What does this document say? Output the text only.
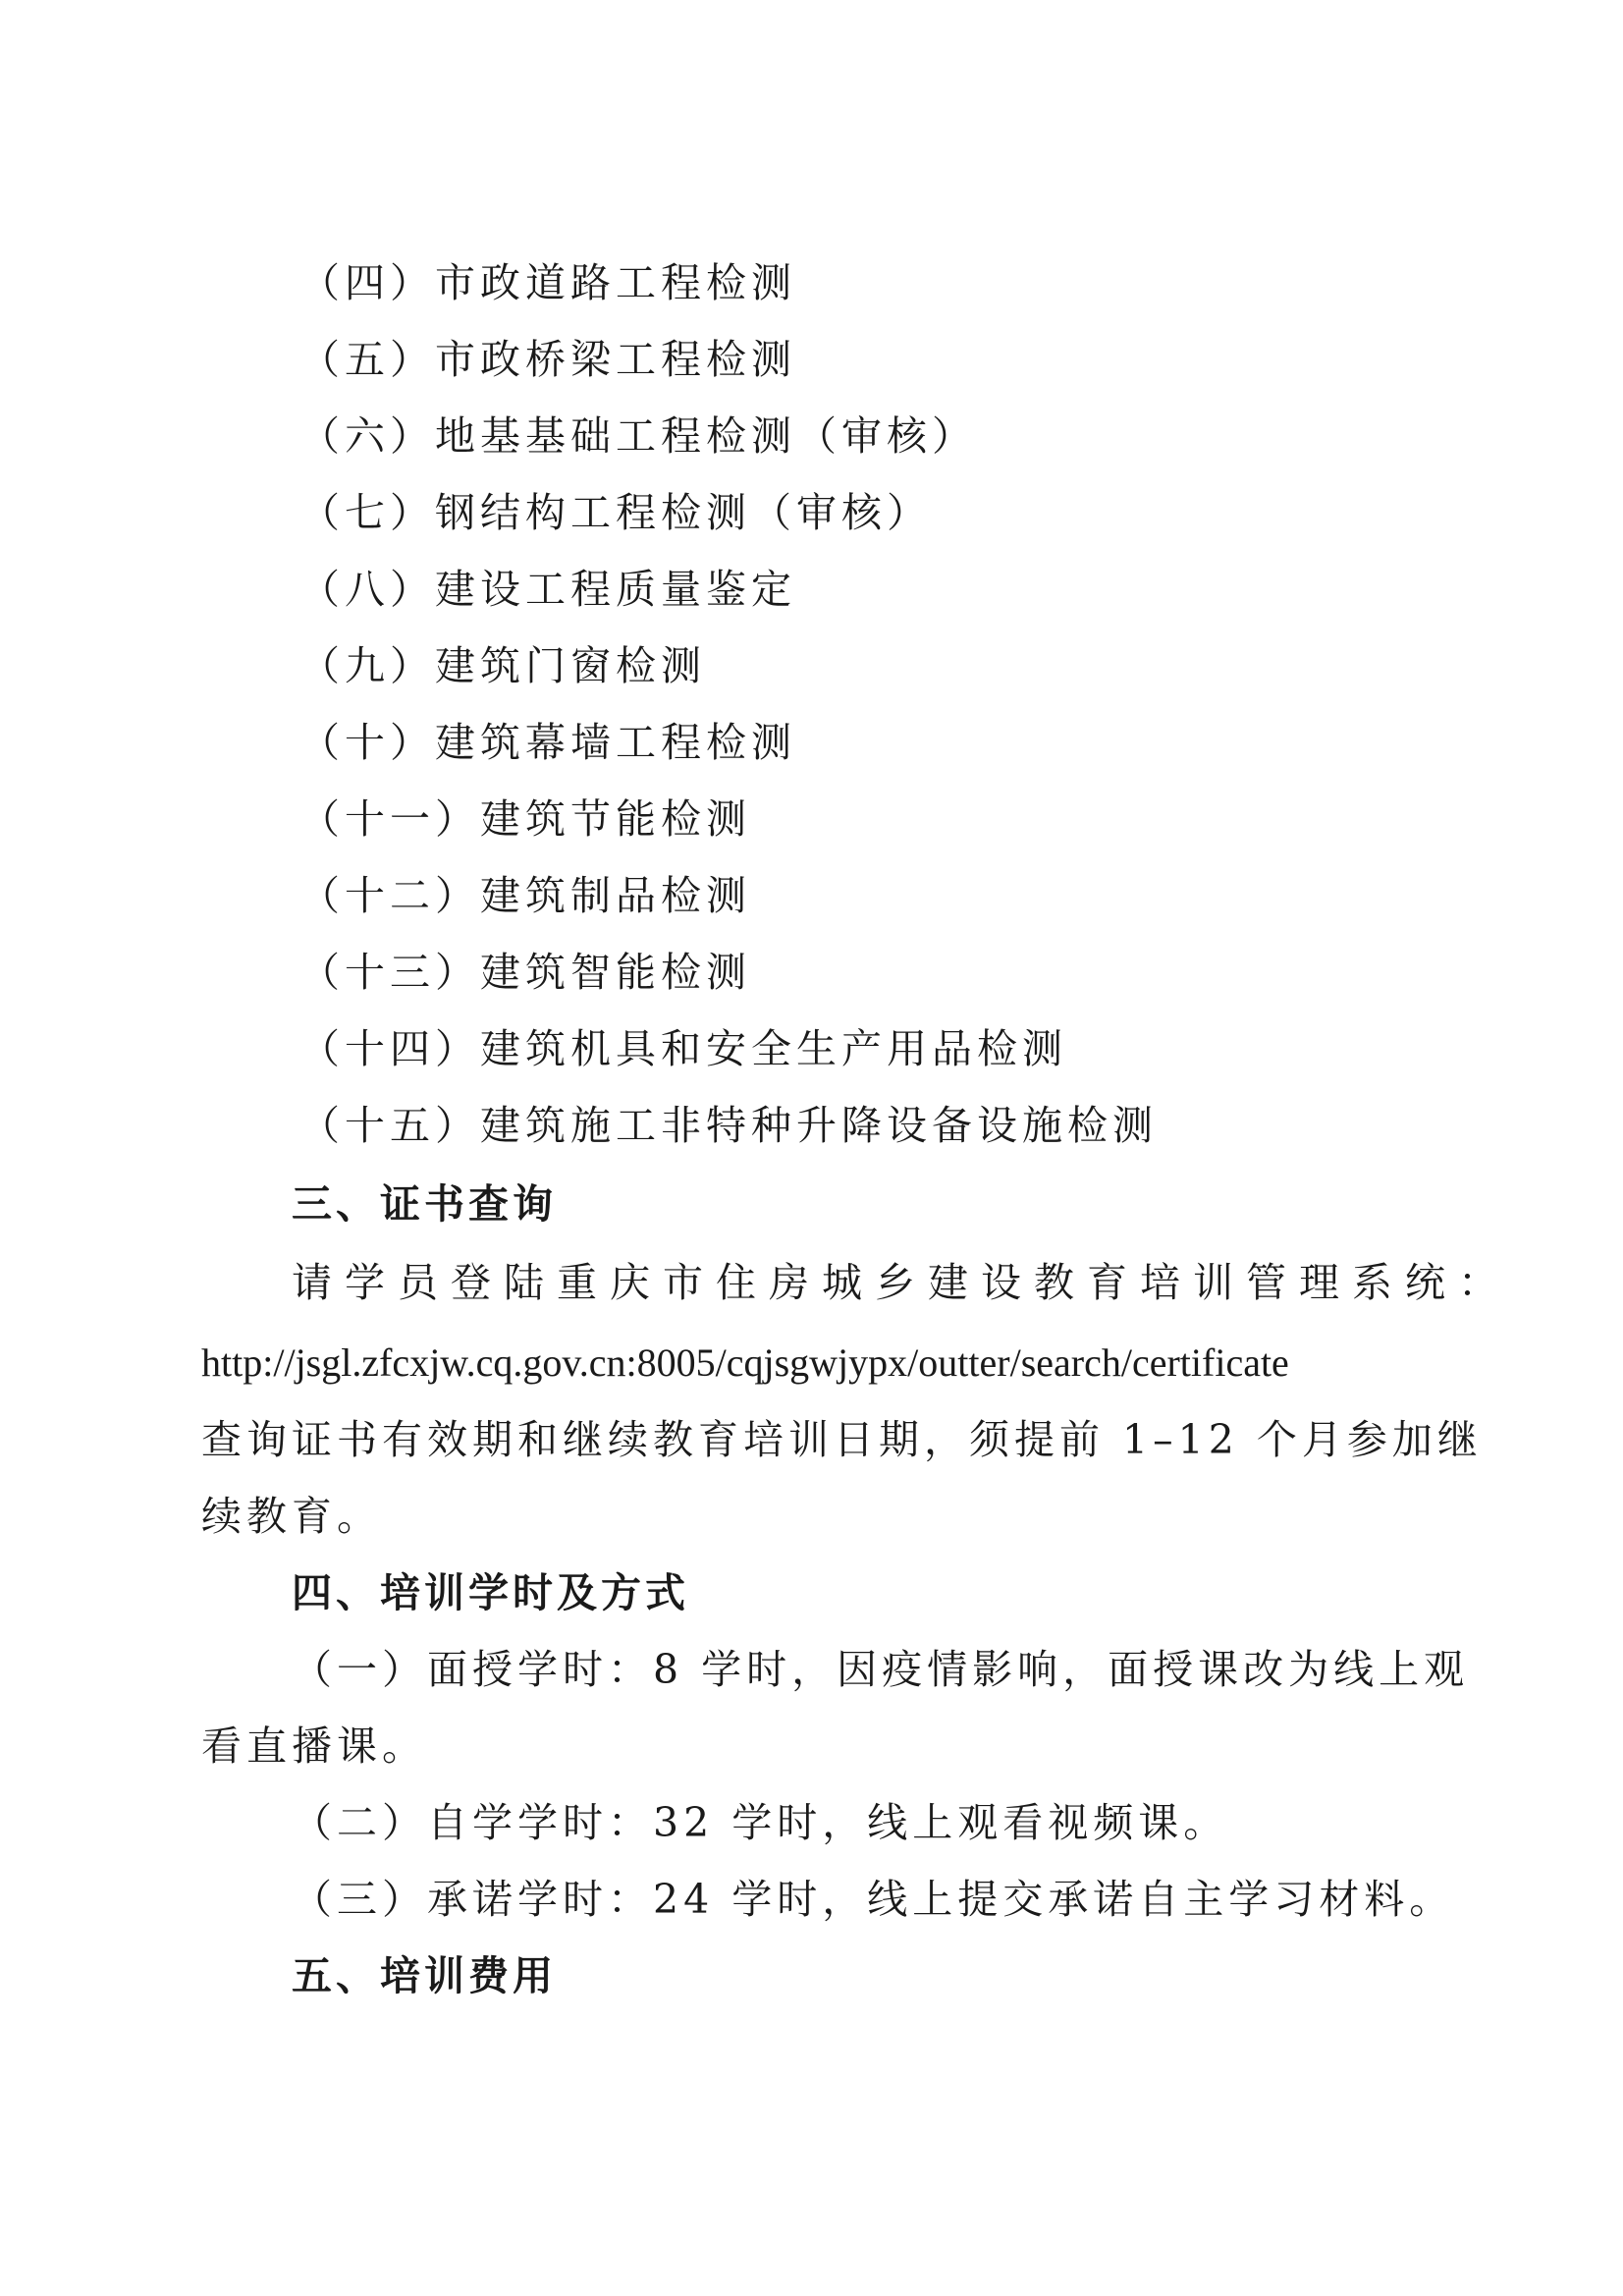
（四）市政道路工程检测
（五）市政桥梁工程检测
（六）地基基础工程检测（审核）
（七）钢结构工程检测（审核）
（八）建设工程质量鉴定
（九）建筑门窗检测
（十）建筑幕墙工程检测
（十一）建筑节能检测
（十二）建筑制品检测
（十三）建筑智能检测
（十四）建筑机具和安全生产用品检测
（十五）建筑施工非特种升降设备设施检测
三、证书查询
请学员登陆重庆市住房城乡建设教育培训管理系统：
http://jsgl.zfcxjw.cq.gov.cn:8005/cqjsgwjypx/outter/search/certificate
查询证书有效期和继续教育培训日期，须提前 1–12 个月参加继
续教育。
四、培训学时及方式
（一）面授学时：8 学时，因疫情影响，面授课改为线上观
看直播课。
（二）自学学时：32 学时，线上观看视频课。
（三）承诺学时：24 学时，线上提交承诺自主学习材料。
五、培训费用
